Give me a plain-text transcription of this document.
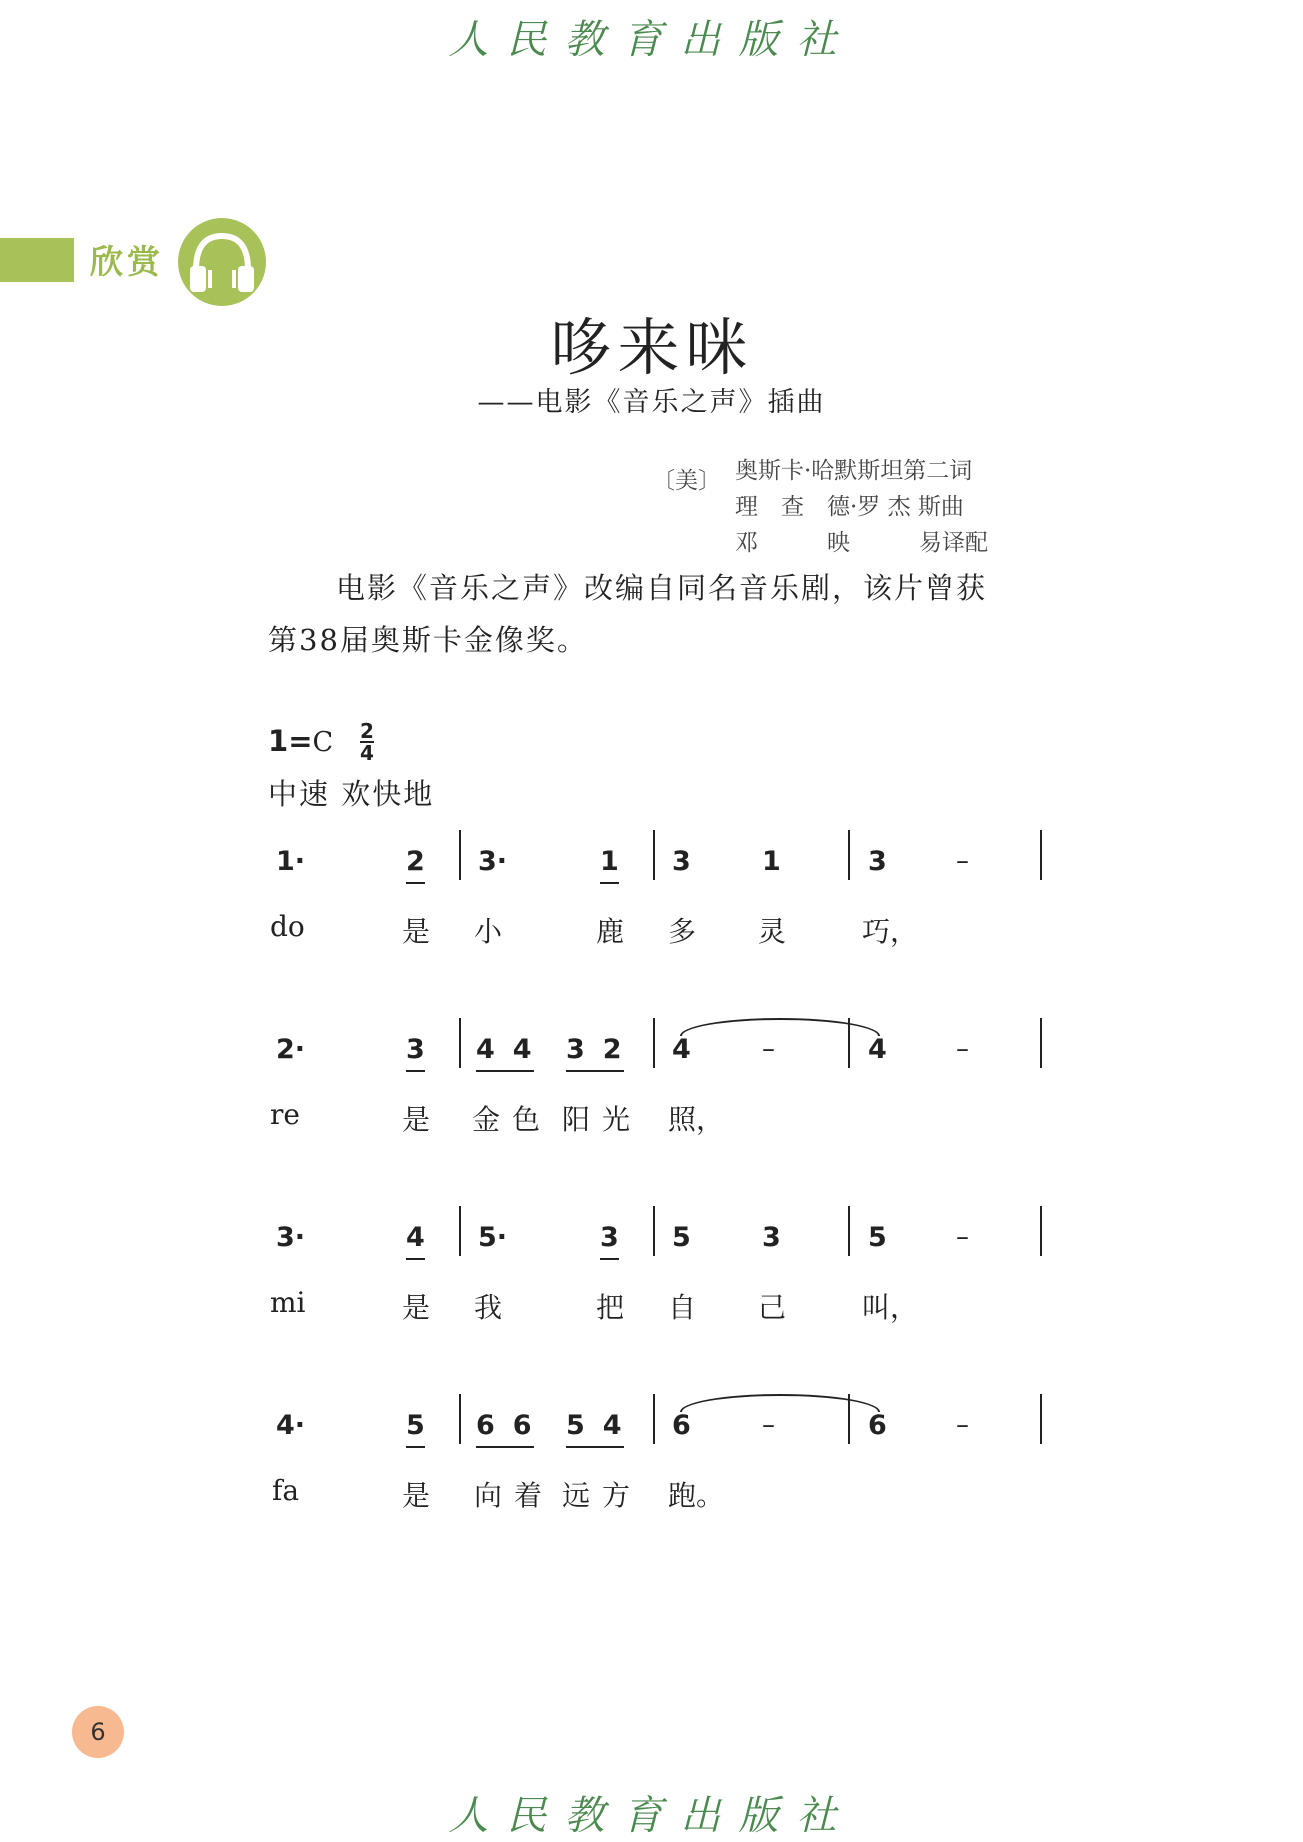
人民教育出版社
欣赏
哆来咪
——电影《音乐之声》插曲
〔美〕 奥斯卡·哈默斯坦第二词
理　查　德·罗 杰 斯曲
邓　　　映　　　易译配
电影《音乐之声》改编自同名音乐剧，该片曾获
第38届奥斯卡金像奖。
1=C 2
4
中速 欢快地
1·	2 3·	1 3	1	3	–
do	是 小	鹿 多 灵	巧，
2·	3 4 4 3 2 4	–	4	–
re	是 金 色 阳 光 照，
3·	4 5·	3 5	3	5	–
mi	是 我	把 自 己	叫，
4·	5 6 6 5 4 6	–	6	–
fa	是 向 着 远 方 跑。
6
人民教育出版社
